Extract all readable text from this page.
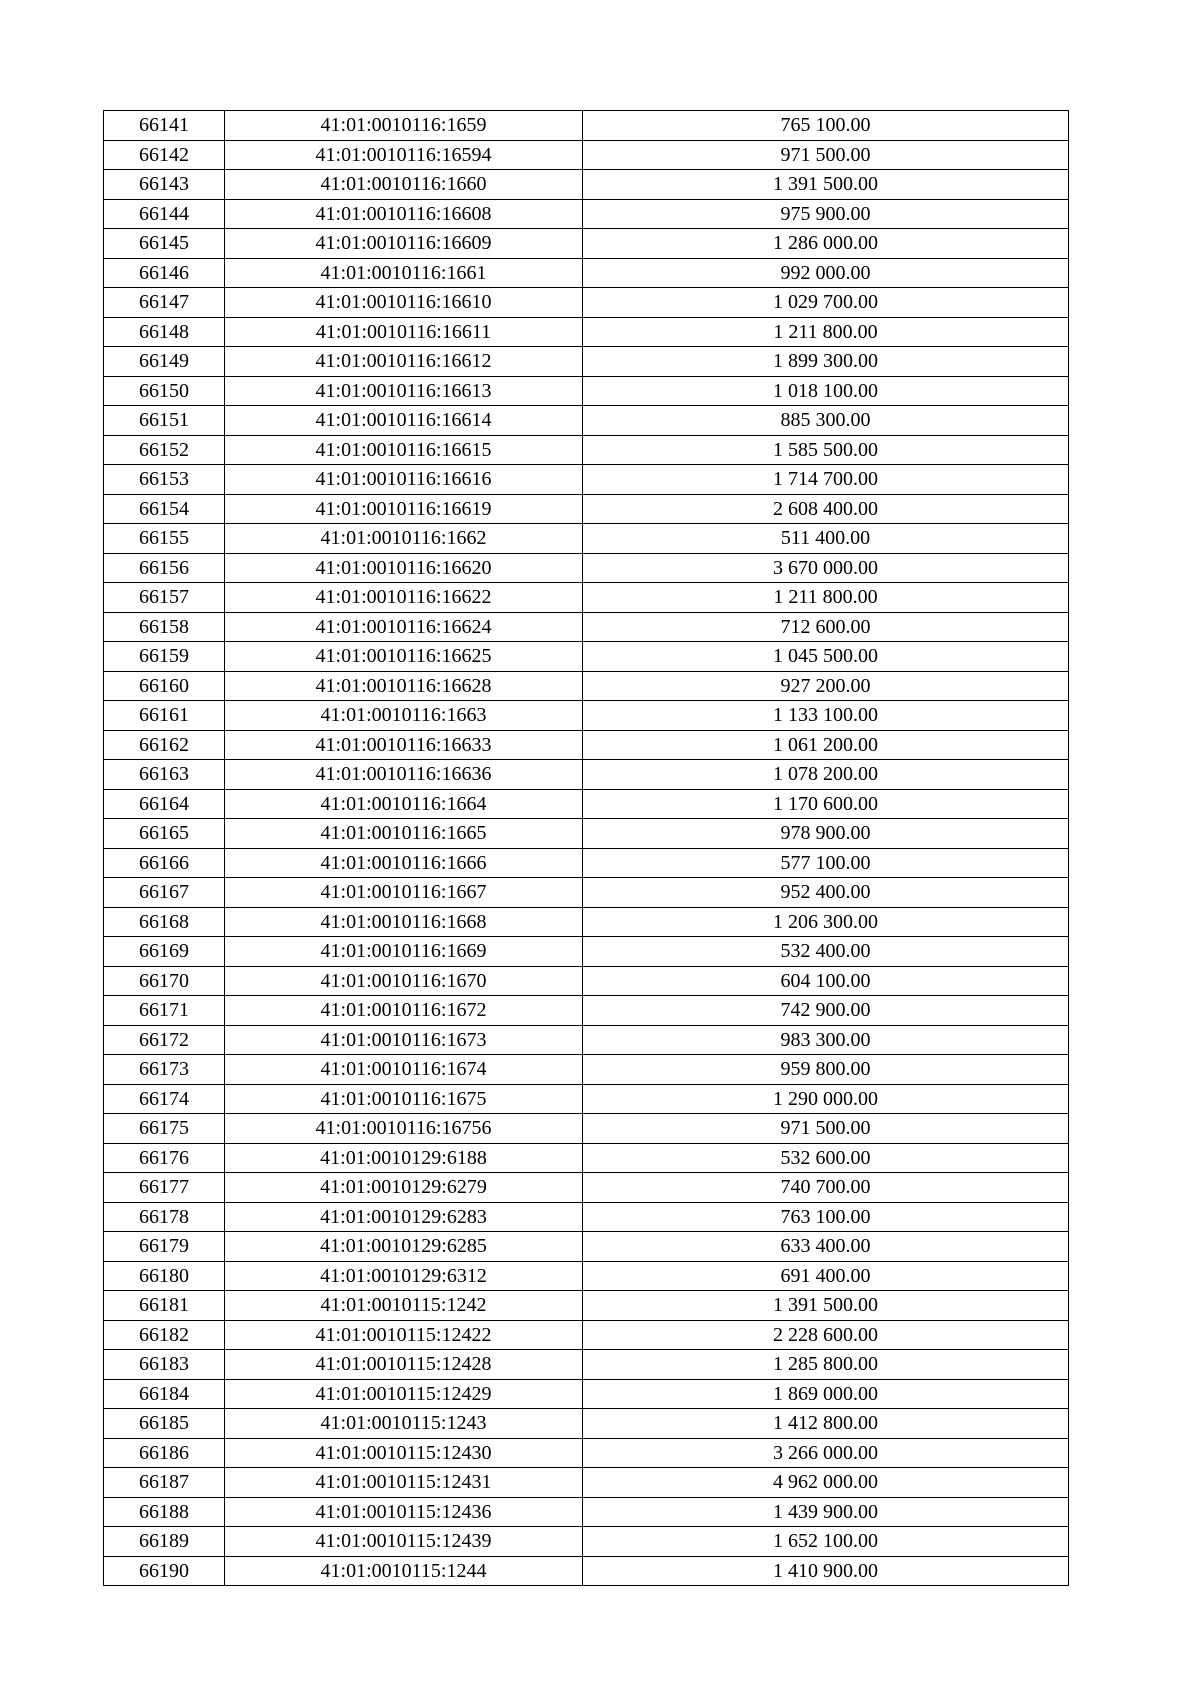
66141	41:01:0010116:1659	765 100.00
66142	41:01:0010116:16594	971 500.00
66143	41:01:0010116:1660	1 391 500.00
66144	41:01:0010116:16608	975 900.00
66145	41:01:0010116:16609	1 286 000.00
66146	41:01:0010116:1661	992 000.00
66147	41:01:0010116:16610	1 029 700.00
66148	41:01:0010116:16611	1 211 800.00
66149	41:01:0010116:16612	1 899 300.00
66150	41:01:0010116:16613	1 018 100.00
66151	41:01:0010116:16614	885 300.00
66152	41:01:0010116:16615	1 585 500.00
66153	41:01:0010116:16616	1 714 700.00
66154	41:01:0010116:16619	2 608 400.00
66155	41:01:0010116:1662	511 400.00
66156	41:01:0010116:16620	3 670 000.00
66157	41:01:0010116:16622	1 211 800.00
66158	41:01:0010116:16624	712 600.00
66159	41:01:0010116:16625	1 045 500.00
66160	41:01:0010116:16628	927 200.00
66161	41:01:0010116:1663	1 133 100.00
66162	41:01:0010116:16633	1 061 200.00
66163	41:01:0010116:16636	1 078 200.00
66164	41:01:0010116:1664	1 170 600.00
66165	41:01:0010116:1665	978 900.00
66166	41:01:0010116:1666	577 100.00
66167	41:01:0010116:1667	952 400.00
66168	41:01:0010116:1668	1 206 300.00
66169	41:01:0010116:1669	532 400.00
66170	41:01:0010116:1670	604 100.00
66171	41:01:0010116:1672	742 900.00
66172	41:01:0010116:1673	983 300.00
66173	41:01:0010116:1674	959 800.00
66174	41:01:0010116:1675	1 290 000.00
66175	41:01:0010116:16756	971 500.00
66176	41:01:0010129:6188	532 600.00
66177	41:01:0010129:6279	740 700.00
66178	41:01:0010129:6283	763 100.00
66179	41:01:0010129:6285	633 400.00
66180	41:01:0010129:6312	691 400.00
66181	41:01:0010115:1242	1 391 500.00
66182	41:01:0010115:12422	2 228 600.00
66183	41:01:0010115:12428	1 285 800.00
66184	41:01:0010115:12429	1 869 000.00
66185	41:01:0010115:1243	1 412 800.00
66186	41:01:0010115:12430	3 266 000.00
66187	41:01:0010115:12431	4 962 000.00
66188	41:01:0010115:12436	1 439 900.00
66189	41:01:0010115:12439	1 652 100.00
66190	41:01:0010115:1244	1 410 900.00
